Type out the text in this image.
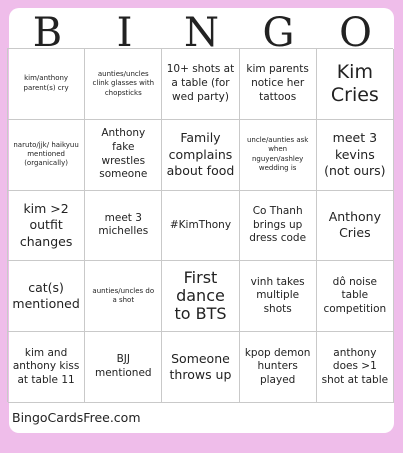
B	I	N	G	O
kim/anthony parent(s) cry
aunties/uncles clink glasses with chopsticks
10+ shots at a table (for wed party)
kim parents notice her tattoos
Kim Cries
naruto/jjk/ haikyuu mentioned (organically)
Anthony fake wrestles someone
Family complains about food
uncle/aunties ask when nguyen/ashley wedding is
meet 3 kevins (not ours)
kim >2 outfit changes
meet 3 michelles
#KimThony
Co Thanh brings up dress code
Anthony Cries
cat(s) mentioned
aunties/uncles do a shot
First dance to BTS
vinh takes multiple shots
dô noise table competition
kim and anthony kiss at table 11
BJJ mentioned
Someone throws up
kpop demon hunters played
anthony does >1 shot at table
BingoCardsFree.com
